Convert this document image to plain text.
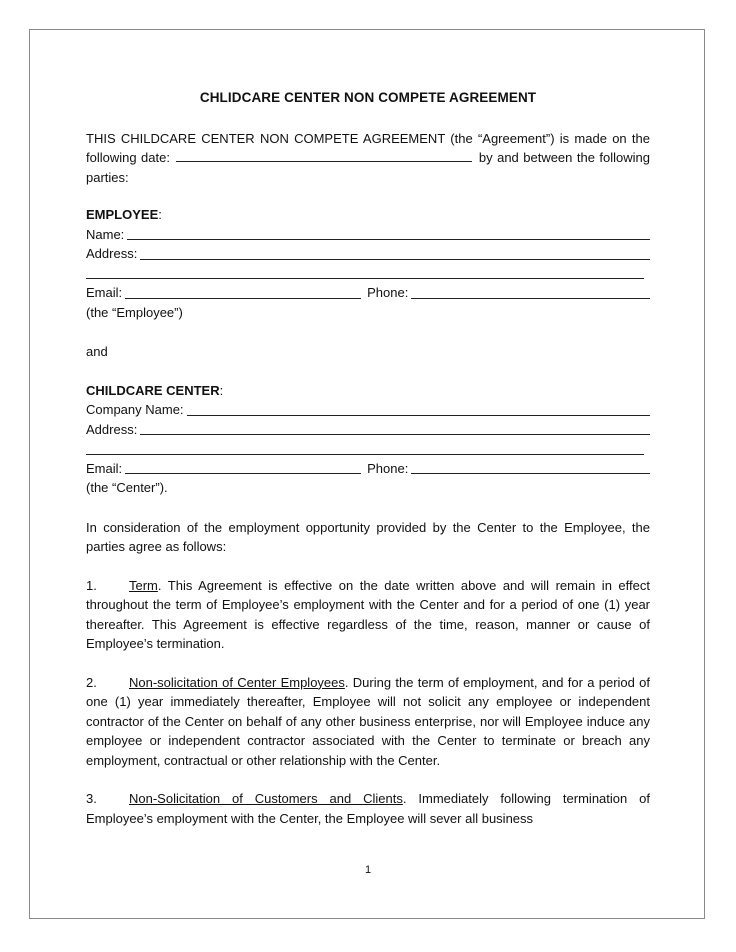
CHLIDCARE CENTER NON COMPETE AGREEMENT

THIS CHILDCARE CENTER NON COMPETE AGREEMENT (the “Agreement”) is made on the following date:	by and between the following parties:

EMPLOYEE:

Name:
Address:
Email:	Phone:

(the “Employee”)

and

CHILDCARE CENTER:

Company Name:
Address:
Email:	Phone:

(the “Center”).

In consideration of the employment opportunity provided by the Center to the Employee, the parties agree as follows:

1. Term. This Agreement is effective on the date written above and will remain in effect throughout the term of Employee’s employment with the Center and for a period of one (1) year thereafter. This Agreement is effective regardless of the time, reason, manner or cause of Employee’s termination.

2. Non-solicitation of Center Employees. During the term of employment, and for a period of one (1) year immediately thereafter, Employee will not solicit any employee or independent contractor of the Center on behalf of any other business enterprise, nor will Employee induce any employee or independent contractor associated with the Center to terminate or breach any employment, contractual or other relationship with the Center.

3. Non-Solicitation of Customers and Clients. Immediately following termination of Employee’s employment with the Center, the Employee will sever all business

1
